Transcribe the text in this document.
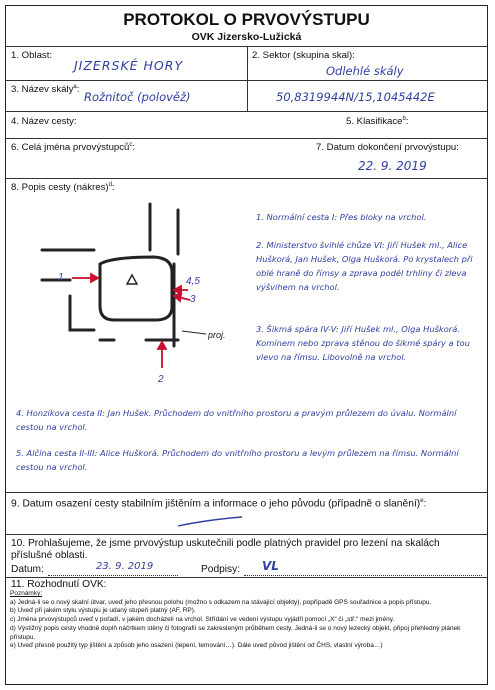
PROTOKOL O PRVOVÝSTUPU
OVK Jizersko-Lužická
1. Oblast:
JIZERSKÉ HORY
2. Sektor (skupina skal):
Odlehlé skály
3. Název skály$^a$:
Rožnitoč (polověž)	50,8319944N/15,1045442E
4. Název cesty:	5. Klasifikace$^b$:
6. Celá jména prvovýstupců$^c$:	7. Datum dokončení prvovýstupu:
22. 9. 2019
8. Popis cesty (nákres)$^d$:
1	4,5
3
2
proj.
1. Normální cesta I: Přes bloky na vrchol.
2. Ministerstvo švihlé chůze VI: Jiří Hušek ml., Alice Huškorá, Jan Hušek, Olga Huškorá. Po krystalech při oblé hraně do římsy a zprava podél trhliny či zleva výšvihem na vrchol.
3. Šikmá spára IV-V: Jiří Hušek ml., Olga Huškorá. Komínem nebo zprava stěnou do šikmé spáry a tou vlevo na římsu. Libovolně na vrchol.
4. Honzíkova cesta II: Jan Hušek. Průchodem do vnitřního prostoru a pravým průlezem do úvalu. Normální cestou na vrchol.
5. Alčina cesta II-III: Alice Huškorá. Průchodem do vnitřního prostoru a levým průlezem na římsu. Normální cestou na vrchol.
9. Datum osazení cesty stabilním jištěním a informace o jeho původu (případně o slanění)$^e$:
10. Prohlašujeme, že jsme prvovýstup uskutečnili podle platných pravidel pro lezení na skalách
příslušné oblasti.
Datum:	23. 9. 2019	Podpisy: VL
11. Rozhodnutí OVK:
Poznámky:
a) Jedná-li se o nový skalní útvar, uveď jeho přesnou polohu (možno s odkazem na stávající objekty), popřípadě GPS souřadnice a popis přístupu.
b) Uveď při jakém stylu výstupu je udaný stupeň platný (AF, RP).
c) Jména prvovýstupců uveď v pořadí, v jakém docházeli na vrchol. Střídání ve vedení výstupu vyjádři pomocí „X“ či „stř.“ mezi jmény.
d) Výstižný popis cesty vhodně doplň náčrtkem stěny či fotografií se zakresleným průběhem cesty. Jedná-li se o nový lezecký objekt, připoj přehledný plánek přístupu.
e) Uveď přesně použitý typ jištění a způsob jeho osazení (lepení, temování…). Dále uveď původ jištění od ČHS, vlastní výroba…)
